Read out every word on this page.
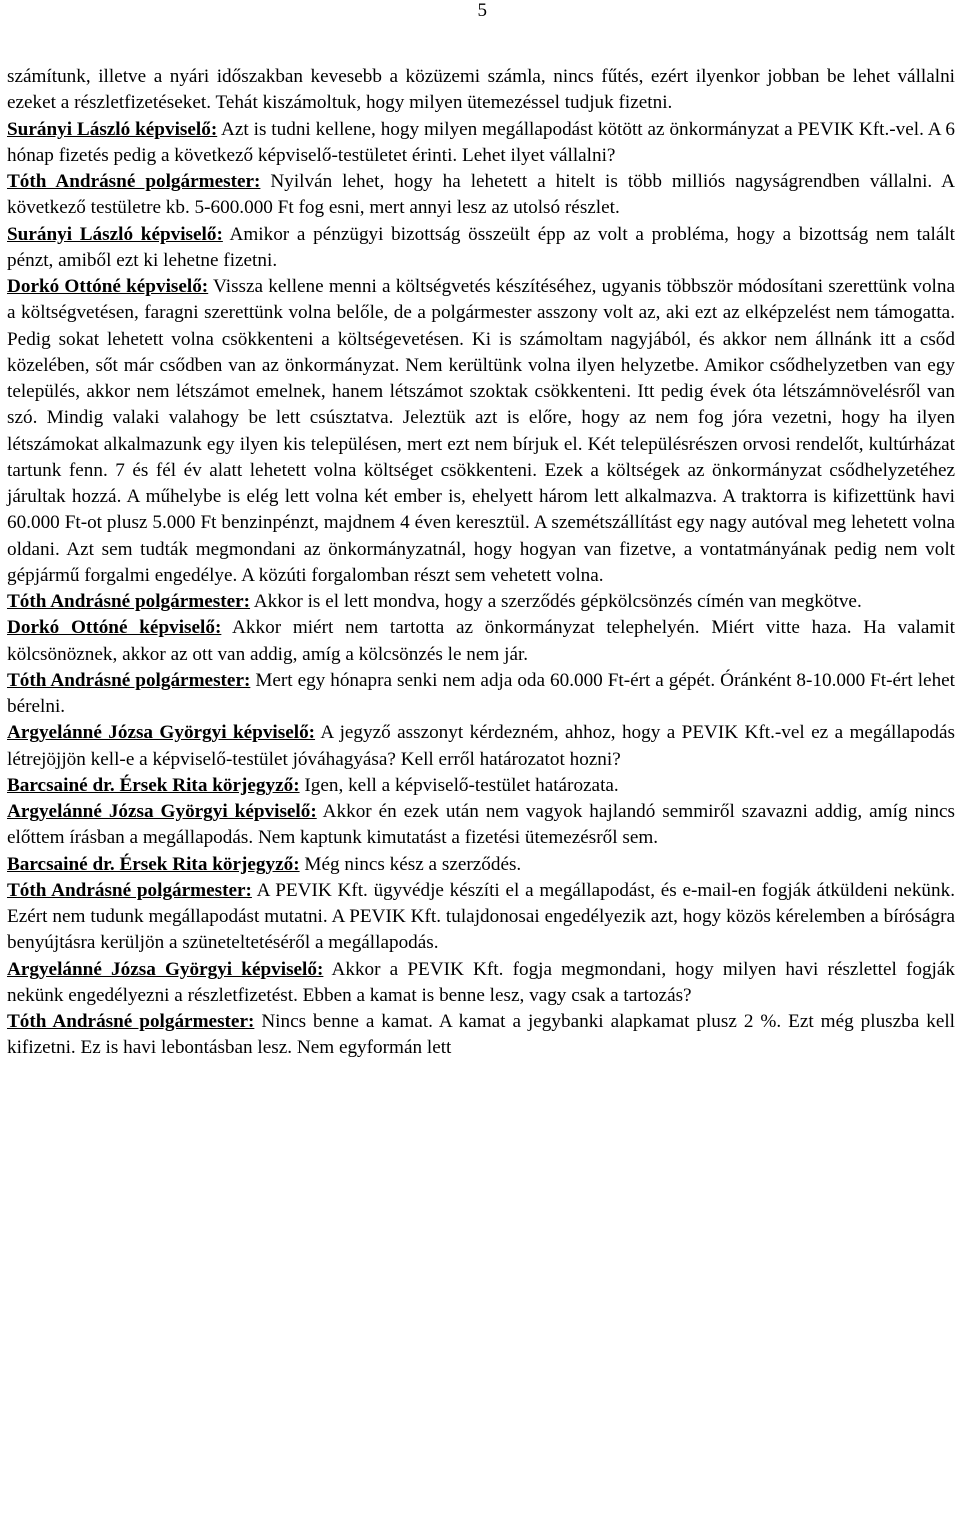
5

számítunk, illetve a nyári időszakban kevesebb a közüzemi számla, nincs fűtés, ezért ilyenkor jobban be lehet vállalni ezeket a részletfizetéseket. Tehát kiszámoltuk, hogy milyen ütemezéssel tudjuk fizetni.

Surányi László képviselő: Azt is tudni kellene, hogy milyen megállapodást kötött az önkormányzat a PEVIK Kft.-vel. A 6 hónap fizetés pedig a következő képviselő-testületet érinti. Lehet ilyet vállalni?

Tóth Andrásné polgármester: Nyilván lehet, hogy ha lehetett a hitelt is több milliós nagyságrendben vállalni. A következő testületre kb. 5-600.000 Ft fog esni, mert annyi lesz az utolsó részlet.

Surányi László képviselő: Amikor a pénzügyi bizottság összeült épp az volt a probléma, hogy a bizottság nem talált pénzt, amiből ezt ki lehetne fizetni.

Dorkó Ottóné képviselő: Vissza kellene menni a költségvetés készítéséhez, ugyanis többször módosítani szerettünk volna a költségvetésen, faragni szerettünk volna belőle, de a polgármester asszony volt az, aki ezt az elképzelést nem támogatta. Pedig sokat lehetett volna csökkenteni a költségevetésen. Ki is számoltam nagyjából, és akkor nem állnánk itt a csőd közelében, sőt már csődben van az önkormányzat. Nem kerültünk volna ilyen helyzetbe. Amikor csődhelyzetben van egy település, akkor nem létszámot emelnek, hanem létszámot szoktak csökkenteni. Itt pedig évek óta létszámnövelésről van szó. Mindig valaki valahogy be lett csúsztatva. Jeleztük azt is előre, hogy az nem fog jóra vezetni, hogy ha ilyen létszámokat alkalmazunk egy ilyen kis településen, mert ezt nem bírjuk el. Két településrészen orvosi rendelőt, kultúrházat tartunk fenn. 7 és fél év alatt lehetett volna költséget csökkenteni. Ezek a költségek az önkormányzat csődhelyzetéhez járultak hozzá. A műhelybe is elég lett volna két ember is, ehelyett három lett alkalmazva. A traktorra is kifizettünk havi 60.000 Ft-ot plusz 5.000 Ft benzinpénzt, majdnem 4 éven keresztül. A szemétszállítást egy nagy autóval meg lehetett volna oldani. Azt sem tudták megmondani az önkormányzatnál, hogy hogyan van fizetve, a vontatmányának pedig nem volt gépjármű forgalmi engedélye. A közúti forgalomban részt sem vehetett volna.

Tóth Andrásné polgármester: Akkor is el lett mondva, hogy a szerződés gépkölcsönzés címén van megkötve.

Dorkó Ottóné képviselő: Akkor miért nem tartotta az önkormányzat telephelyén. Miért vitte haza. Ha valamit kölcsönöznek, akkor az ott van addig, amíg a kölcsönzés le nem jár.

Tóth Andrásné polgármester: Mert egy hónapra senki nem adja oda 60.000 Ft-ért a gépét. Óránként 8-10.000 Ft-ért lehet bérelni.

Argyelánné Józsa Györgyi képviselő: A jegyző asszonyt kérdezném, ahhoz, hogy a PEVIK Kft.-vel ez a megállapodás létrejöjjön kell-e a képviselő-testület jóváhagyása? Kell erről határozatot hozni?

Barcsainé dr. Érsek Rita körjegyző: Igen, kell a képviselő-testület határozata.

Argyelánné Józsa Györgyi képviselő: Akkor én ezek után nem vagyok hajlandó semmiről szavazni addig, amíg nincs előttem írásban a megállapodás. Nem kaptunk kimutatást a fizetési ütemezésről sem.

Barcsainé dr. Érsek Rita körjegyző: Még nincs kész a szerződés.

Tóth Andrásné polgármester: A PEVIK Kft. ügyvédje készíti el a megállapodást, és e-mail-en fogják átküldeni nekünk. Ezért nem tudunk megállapodást mutatni. A PEVIK Kft. tulajdonosai engedélyezik azt, hogy közös kérelemben a bíróságra benyújtásra kerüljön a szüneteltetéséről a megállapodás.

Argyelánné Józsa Györgyi képviselő: Akkor a PEVIK Kft. fogja megmondani, hogy milyen havi részlettel fogják nekünk engedélyezni a részletfizetést. Ebben a kamat is benne lesz, vagy csak a tartozás?

Tóth Andrásné polgármester: Nincs benne a kamat. A kamat a jegybanki alapkamat plusz 2 %. Ezt még pluszba kell kifizetni. Ez is havi lebontásban lesz. Nem egyformán lett
